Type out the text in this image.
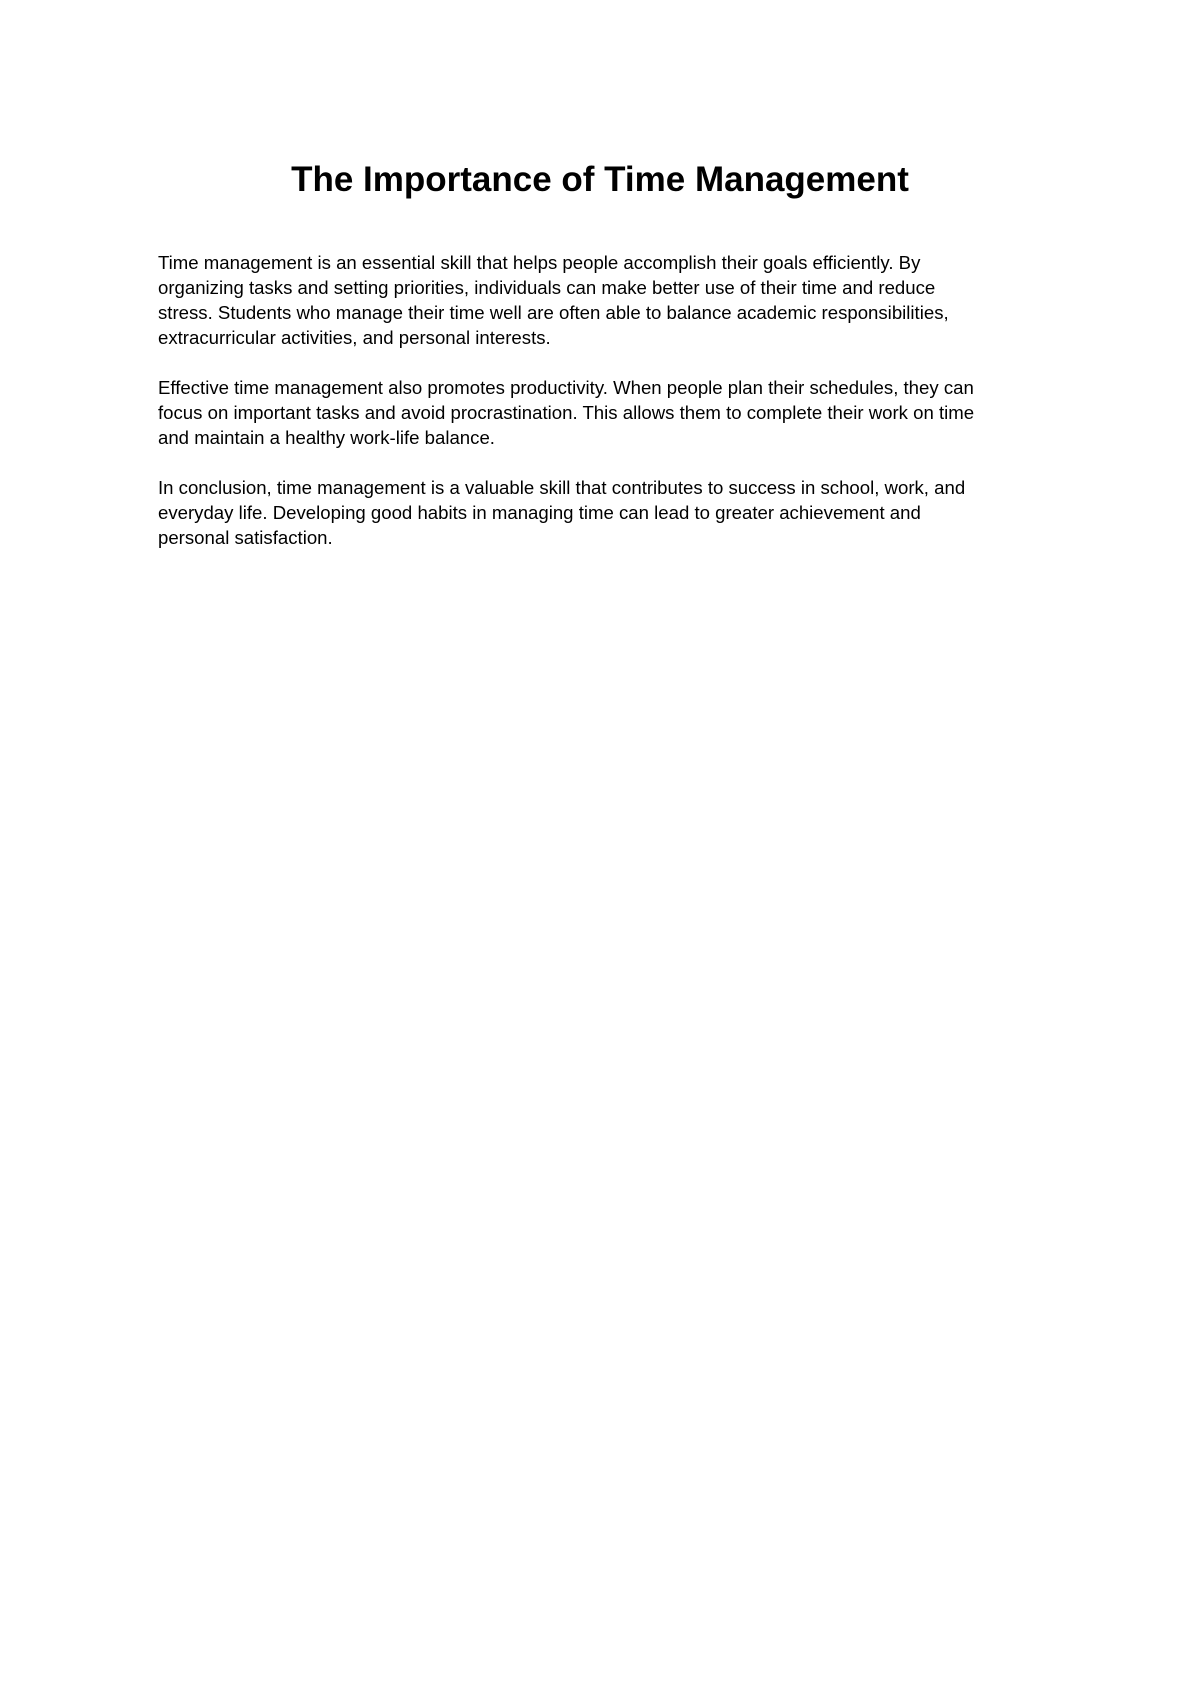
The Importance of Time Management

Time management is an essential skill that helps people accomplish their goals efficiently. By
organizing tasks and setting priorities, individuals can make better use of their time and reduce
stress. Students who manage their time well are often able to balance academic responsibilities,
extracurricular activities, and personal interests.

Effective time management also promotes productivity. When people plan their schedules, they can
focus on important tasks and avoid procrastination. This allows them to complete their work on time
and maintain a healthy work-life balance.

In conclusion, time management is a valuable skill that contributes to success in school, work, and
everyday life. Developing good habits in managing time can lead to greater achievement and
personal satisfaction.
